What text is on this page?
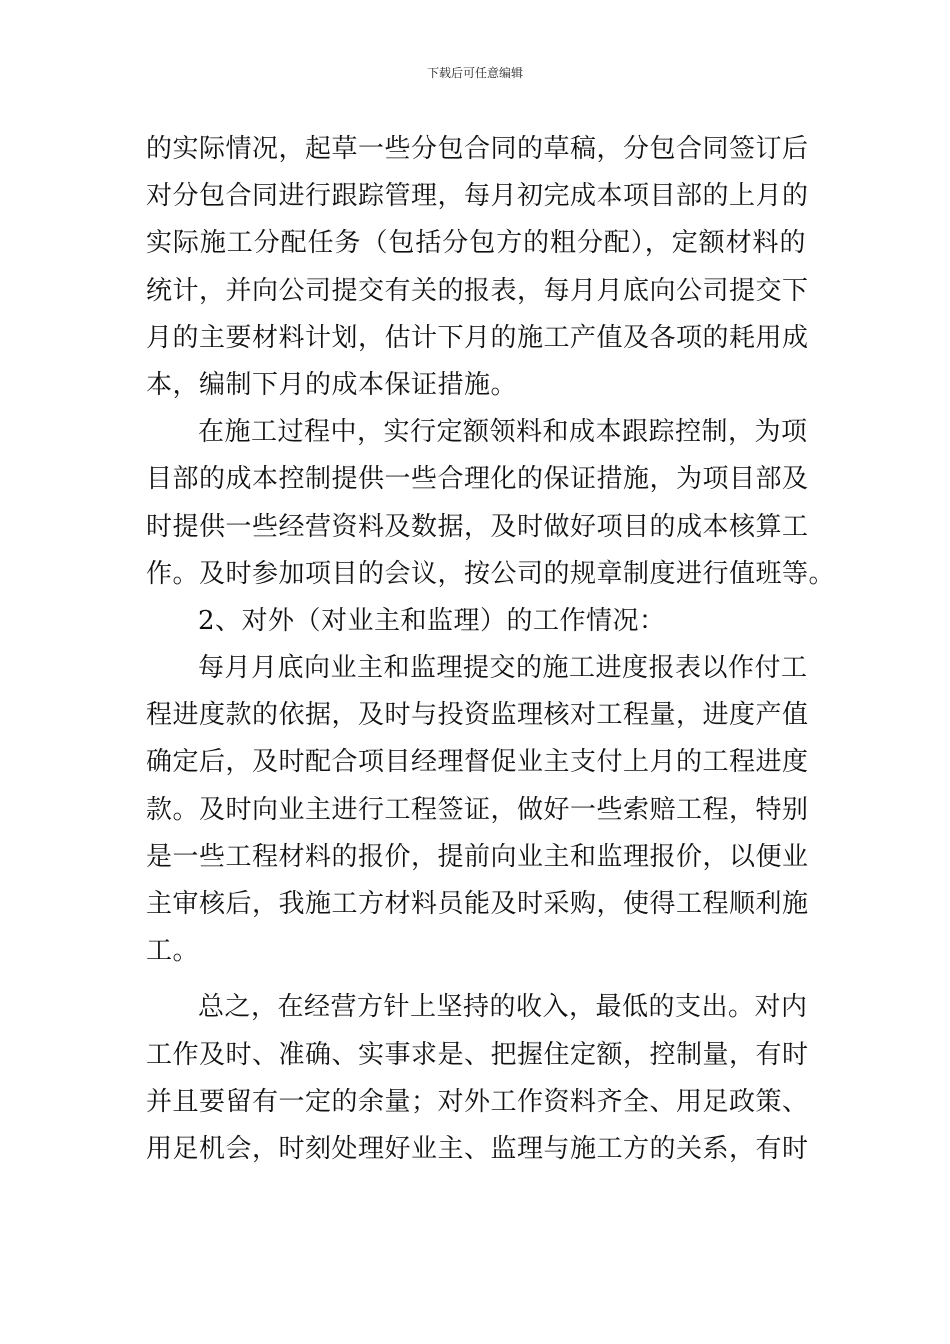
下载后可任意编辑
的实际情况，起草一些分包合同的草稿，分包合同签订后
对分包合同进行跟踪管理，每月初完成本项目部的上月的
实际施工分配任务（包括分包方的粗分配），定额材料的
统计，并向公司提交有关的报表，每月月底向公司提交下
月的主要材料计划，估计下月的施工产值及各项的耗用成
本，编制下月的成本保证措施。
在施工过程中，实行定额领料和成本跟踪控制，为项
目部的成本控制提供一些合理化的保证措施，为项目部及
时提供一些经营资料及数据，及时做好项目的成本核算工
作。及时参加项目的会议，按公司的规章制度进行值班等。
2、对外（对业主和监理）的工作情况：
每月月底向业主和监理提交的施工进度报表以作付工
程进度款的依据，及时与投资监理核对工程量，进度产值
确定后，及时配合项目经理督促业主支付上月的工程进度
款。及时向业主进行工程签证，做好一些索赔工程，特别
是一些工程材料的报价，提前向业主和监理报价，以便业
主审核后，我施工方材料员能及时采购，使得工程顺利施
工。
总之，在经营方针上坚持的收入，最低的支出。对内
工作及时、准确、实事求是、把握住定额，控制量，有时
并且要留有一定的余量；对外工作资料齐全、用足政策、
用足机会，时刻处理好业主、监理与施工方的关系，有时
